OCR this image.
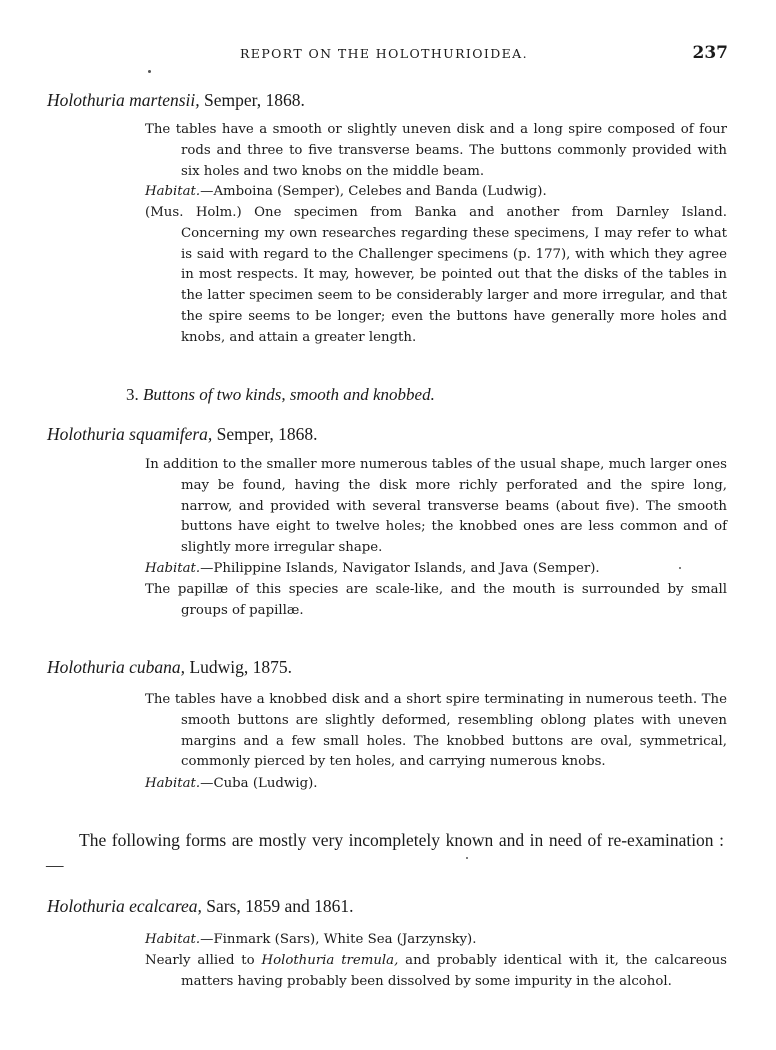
REPORT ON THE HOLOTHURIOIDEA.	237
Holothuria martensii, Semper, 1868.

The tables have a smooth or slightly uneven disk and a long spire composed of four rods and three to five transverse beams. The buttons commonly provided with six holes and two knobs on the middle beam.

Habitat.—Amboina (Semper), Celebes and Banda (Ludwig).

(Mus. Holm.) One specimen from Banka and another from Darnley Island. Concerning my own researches regarding these specimens, I may refer to what is said with regard to the Challenger specimens (p. 177), with which they agree in most respects. It may, however, be pointed out that the disks of the tables in the latter specimen seem to be considerably larger and more irregular, and that the spire seems to be longer; even the buttons have generally more holes and knobs, and attain a greater length.

3. Buttons of two kinds, smooth and knobbed.
Holothuria squamifera, Semper, 1868.

In addition to the smaller more numerous tables of the usual shape, much larger ones may be found, having the disk more richly perforated and the spire long, narrow, and provided with several transverse beams (about five). The smooth buttons have eight to twelve holes; the knobbed ones are less common and of slightly more irregular shape.

Habitat.—Philippine Islands, Navigator Islands, and Java (Semper).

The papillæ of this species are scale-like, and the mouth is surrounded by small groups of papillæ.

Holothuria cubana, Ludwig, 1875.

The tables have a knobbed disk and a short spire terminating in numerous teeth. The smooth buttons are slightly deformed, resembling oblong plates with uneven margins and a few small holes. The knobbed buttons are oval, symmetrical, commonly pierced by ten holes, and carrying numerous knobs.

Habitat.—Cuba (Ludwig).

The following forms are mostly very incompletely known and in need of re-examination :—

Holothuria ecalcarea, Sars, 1859 and 1861.

Habitat.—Finmark (Sars), White Sea (Jarzynsky).

Nearly allied to Holothuria tremula, and probably identical with it, the calcareous matters having probably been dissolved by some impurity in the alcohol.
